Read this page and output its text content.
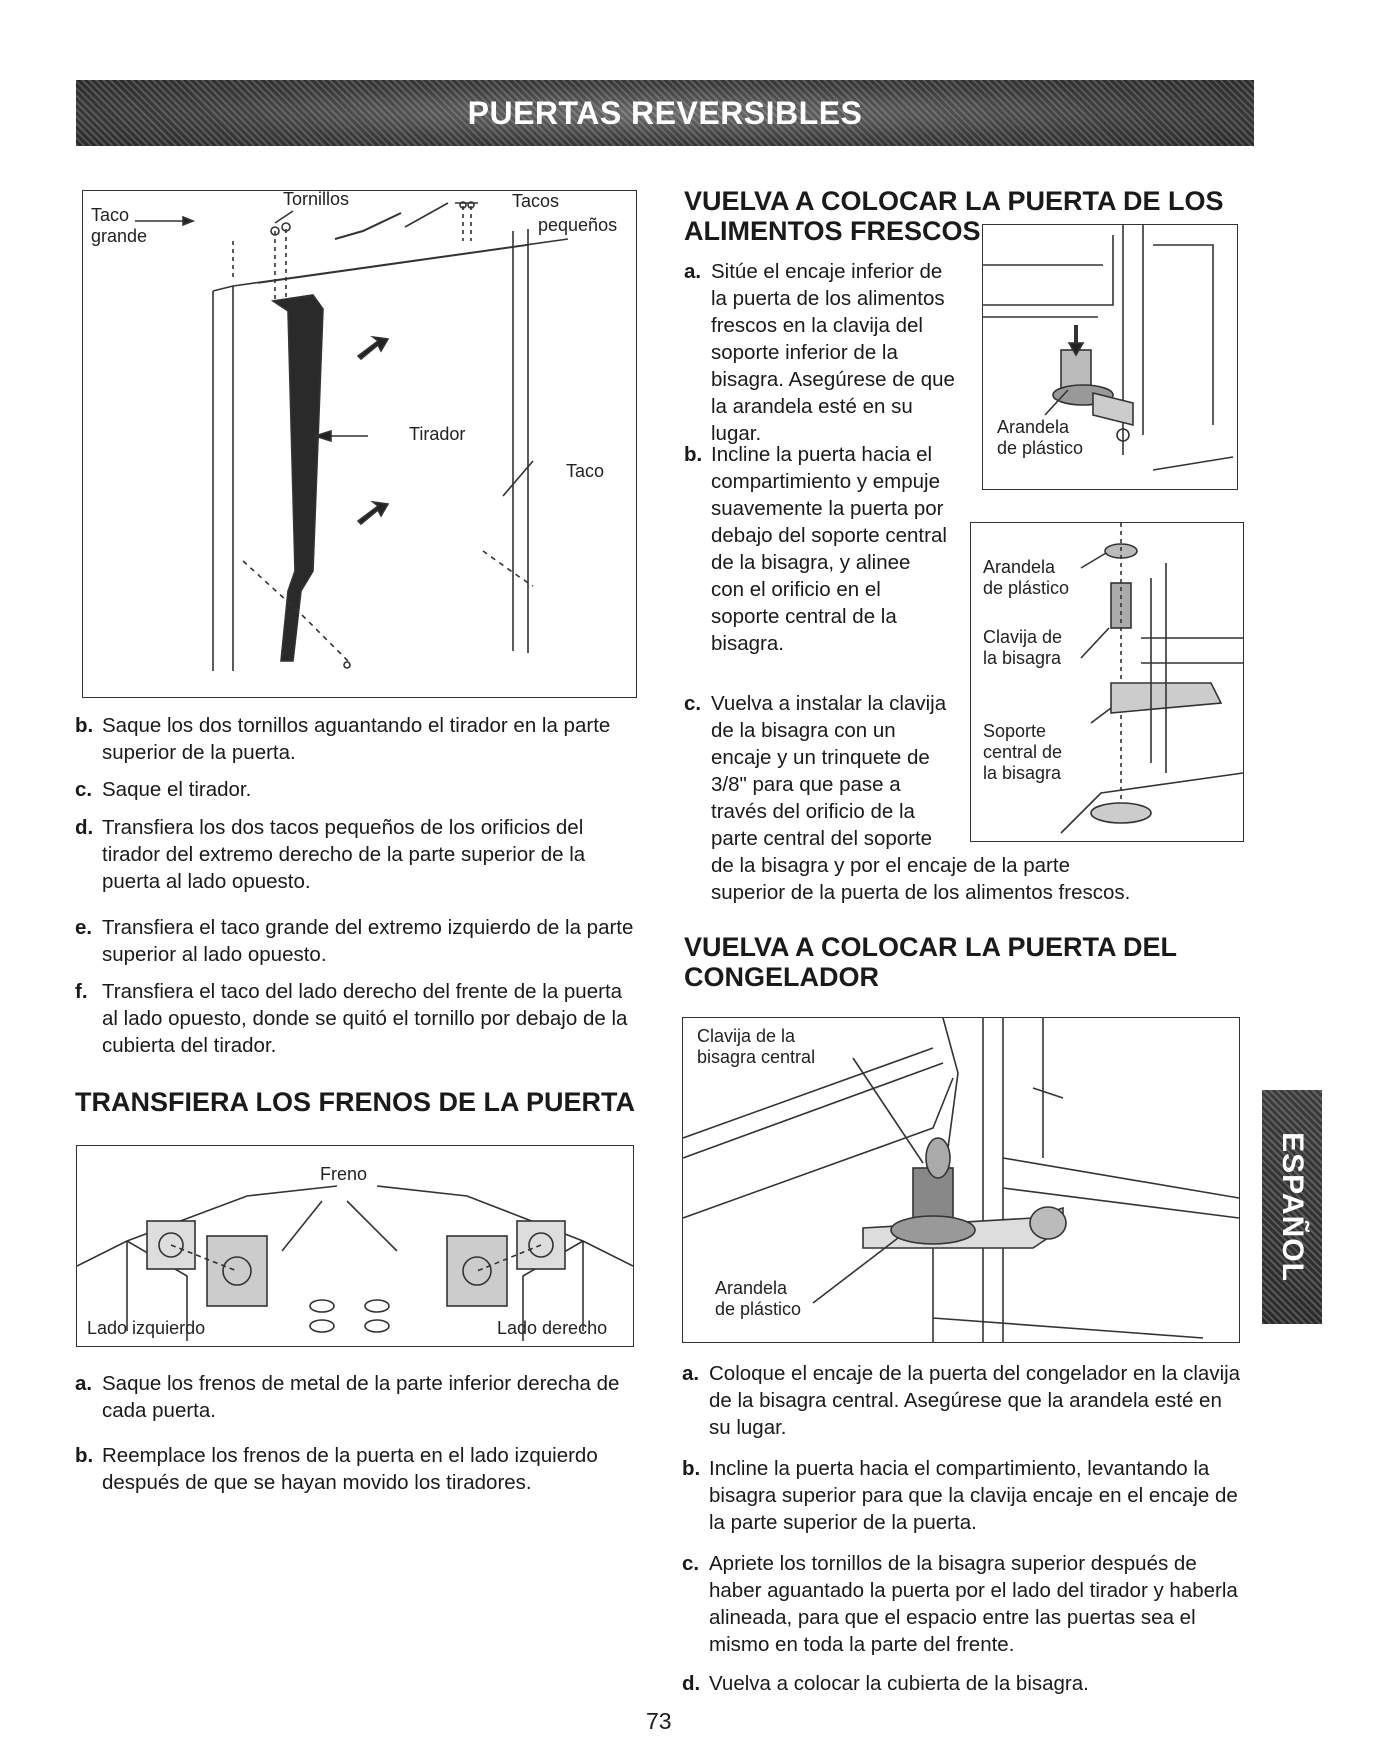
PUERTAS REVERSIBLES
Taco
grande
Tornillos	Tacos
pequeños
Tirador
Taco
b. Saque los dos tornillos aguantando el tirador en la parte superior de la puerta.
c. Saque el tirador.
d. Transfiera los dos tacos pequeños de los orificios del tirador del extremo derecho de la parte superior de la puerta al lado opuesto.
e. Transfiera el taco grande del extremo izquierdo de la parte superior al lado opuesto.
f. Transfiera el taco del lado derecho del frente de la puerta al lado opuesto, donde se quitó el tornillo por debajo de la cubierta del tirador.
TRANSFIERA LOS FRENOS DE LA PUERTA
Freno
Lado izquierdo	Lado derecho
a. Saque los frenos de metal de la parte inferior derecha de cada puerta.
b. Reemplace los frenos de la puerta en el lado izquierdo después de que se hayan movido los tiradores.
VUELVA A COLOCAR LA PUERTA DE LOS
ALIMENTOS FRESCOS
Arandela
de plástico
a. Sitúe el encaje inferior de
la puerta de los alimentos
frescos en la clavija del
soporte inferior de la
bisagra. Asegúrese de que
la arandela esté en su
lugar.
Arandela
de plástico
Clavija de
la bisagra
Soporte
central de
la bisagra
b. Incline la puerta hacia el
compartimiento y empuje
suavemente la puerta por
debajo del soporte central
de la bisagra, y alinee
con el orificio en el
soporte central de la
bisagra.
c. Vuelva a instalar la clavija
de la bisagra con un
encaje y un trinquete de
3/8" para que pase a
través del orificio de la
parte central del soporte
de la bisagra y por el encaje de la parte
superior de la puerta de los alimentos frescos.
VUELVA A COLOCAR LA PUERTA DEL
CONGELADOR
Clavija de la
bisagra central
Arandela
de plástico
a. Coloque el encaje de la puerta del congelador en la clavija de la bisagra central. Asegúrese que la arandela esté en su lugar.
b. Incline la puerta hacia el compartimiento, levantando la bisagra superior para que la clavija encaje en el encaje de la parte superior de la puerta.
c. Apriete los tornillos de la bisagra superior después de haber aguantado la puerta por el lado del tirador y haberla alineada, para que el espacio entre las puertas sea el mismo en toda la parte del frente.
d. Vuelva a colocar la cubierta de la bisagra.
ESPAÑOL
73
